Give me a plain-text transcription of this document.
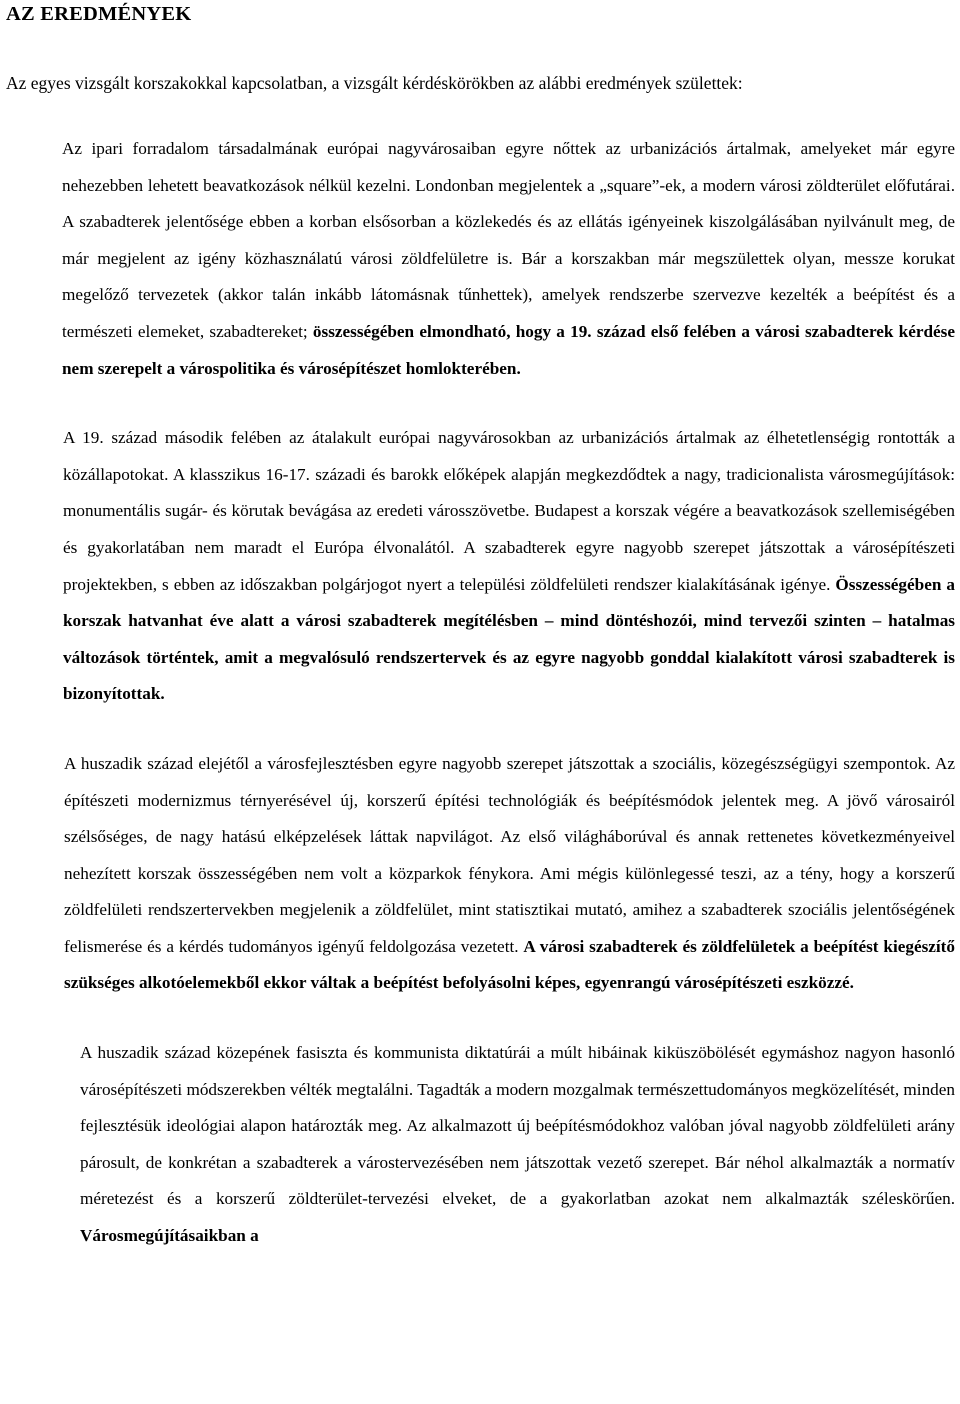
AZ EREDMÉNYEK

Az egyes vizsgált korszakokkal kapcsolatban, a vizsgált kérdéskörökben az alábbi eredmények születtek:

Az ipari forradalom társadalmának európai nagyvárosaiban egyre nőttek az urbanizációs ártalmak, amelyeket már egyre nehezebben lehetett beavatkozások nélkül kezelni. Londonban megjelentek a „square”-ek, a modern városi zöldterület előfutárai. A szabadterek jelentősége ebben a korban elsősorban a közlekedés és az ellátás igényeinek kiszolgálásában nyilvánult meg, de már megjelent az igény közhasználatú városi zöldfelületre is. Bár a korszakban már megszülettek olyan, messze korukat megelőző tervezetek (akkor talán inkább látomásnak tűnhettek), amelyek rendszerbe szervezve kezelték a beépítést és a természeti elemeket, szabadtereket; összességében elmondható, hogy a 19. század első felében a városi szabadterek kérdése nem szerepelt a várospolitika és városépítészet homlokterében.

A 19. század második felében az átalakult európai nagyvárosokban az urbanizációs ártalmak az élhetetlenségig rontották a közállapotokat. A klasszikus 16-17. századi és barokk előképek alapján megkezdődtek a nagy, tradicionalista városmegújítások: monumentális sugár- és körutak bevágása az eredeti városszövetbe. Budapest a korszak végére a beavatkozások szellemiségében és gyakorlatában nem maradt el Európa élvonalától. A szabadterek egyre nagyobb szerepet játszottak a városépítészeti projektekben, s ebben az időszakban polgárjogot nyert a települési zöldfelületi rendszer kialakításának igénye. Összességében a korszak hatvanhat éve alatt a városi szabadterek megítélésben – mind döntéshozói, mind tervezői szinten – hatalmas változások történtek, amit a megvalósuló rendszertervek és az egyre nagyobb gonddal kialakított városi szabadterek is bizonyítottak.

A huszadik század elejétől a városfejlesztésben egyre nagyobb szerepet játszottak a szociális, közegészségügyi szempontok. Az építészeti modernizmus térnyerésével új, korszerű építési technológiák és beépítésmódok jelentek meg. A jövő városairól szélsőséges, de nagy hatású elképzelések láttak napvilágot. Az első világháborúval és annak rettenetes következményeivel nehezített korszak összességében nem volt a közparkok fénykora. Ami mégis különlegessé teszi, az a tény, hogy a korszerű zöldfelületi rendszertervekben megjelenik a zöldfelület, mint statisztikai mutató, amihez a szabadterek szociális jelentőségének felismerése és a kérdés tudományos igényű feldolgozása vezetett. A városi szabadterek és zöldfelületek a beépítést kiegészítő szükséges alkotóelemekből ekkor váltak a beépítést befolyásolni képes, egyenrangú városépítészeti eszközzé.

A huszadik század közepének fasiszta és kommunista diktatúrái a múlt hibáinak kiküszöbölését egymáshoz nagyon hasonló városépítészeti módszerekben vélték megtalálni. Tagadták a modern mozgalmak természettudományos megközelítését, minden fejlesztésük ideológiai alapon határozták meg. Az alkalmazott új beépítésmódokhoz valóban jóval nagyobb zöldfelületi arány párosult, de konkrétan a szabadterek a várostervezésében nem játszottak vezető szerepet. Bár néhol alkalmazták a normatív méretezést és a korszerű zöldterület-tervezési elveket, de a gyakorlatban azokat nem alkalmazták széleskörűen. Városmegújításaikban a
